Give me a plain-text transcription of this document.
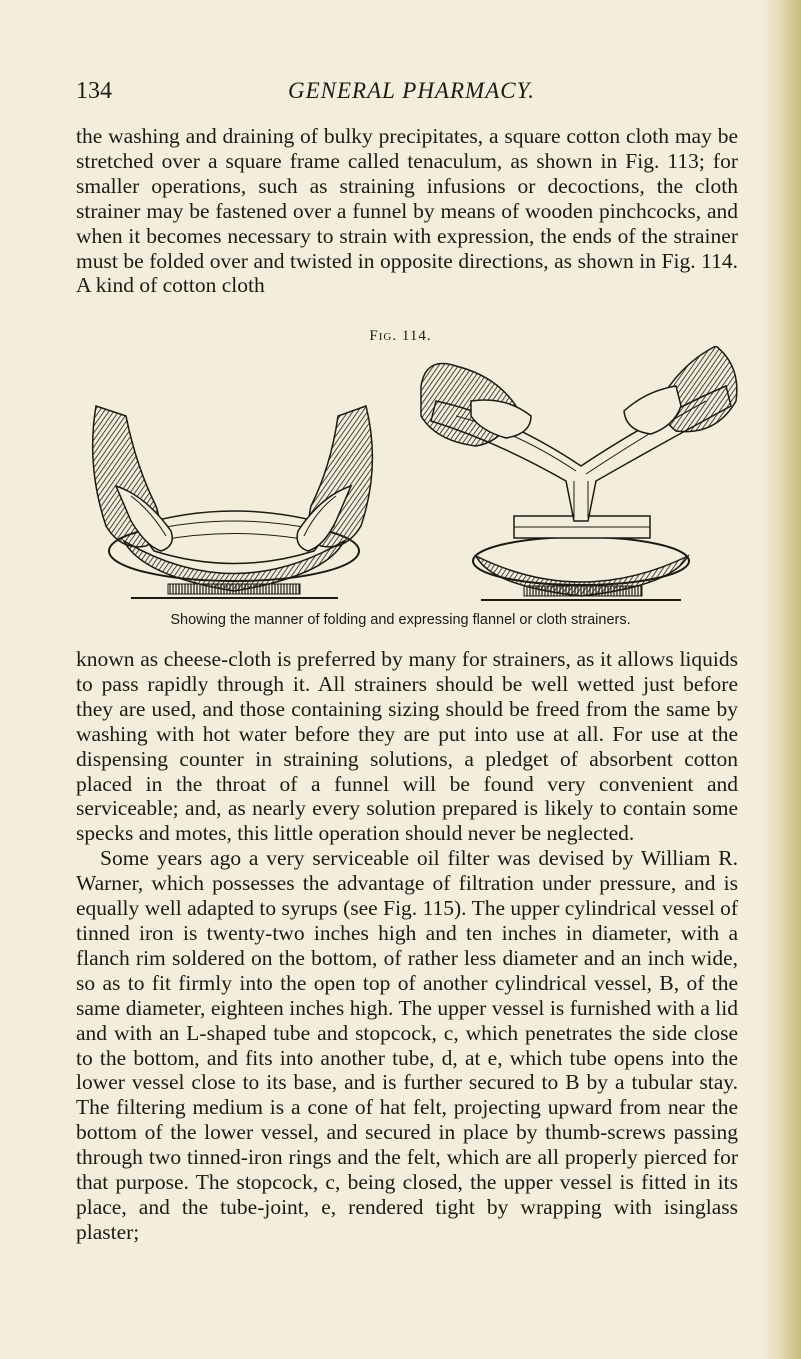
134	GENERAL PHARMACY.

the washing and draining of bulky precipitates, a square cotton cloth may be stretched over a square frame called tenaculum, as shown in Fig. 113; for smaller operations, such as straining infusions or decoctions, the cloth strainer may be fastened over a funnel by means of wooden pinchcocks, and when it becomes necessary to strain with expression, the ends of the strainer must be folded over and twisted in opposite directions, as shown in Fig. 114. A kind of cotton cloth

Fig. 114.
Showing the manner of folding and expressing flannel or cloth strainers.

known as cheese-cloth is preferred by many for strainers, as it allows liquids to pass rapidly through it. All strainers should be well wetted just before they are used, and those containing sizing should be freed from the same by washing with hot water before they are put into use at all. For use at the dispensing counter in straining solutions, a pledget of absorbent cotton placed in the throat of a funnel will be found very convenient and serviceable; and, as nearly every solution prepared is likely to contain some specks and motes, this little operation should never be neglected.

Some years ago a very serviceable oil filter was devised by William R. Warner, which possesses the advantage of filtration under pressure, and is equally well adapted to syrups (see Fig. 115). The upper cylindrical vessel of tinned iron is twenty-two inches high and ten inches in diameter, with a flanch rim soldered on the bottom, of rather less diameter and an inch wide, so as to fit firmly into the open top of another cylindrical vessel, B, of the same diameter, eighteen inches high. The upper vessel is furnished with a lid and with an L-shaped tube and stopcock, c, which penetrates the side close to the bottom, and fits into another tube, d, at e, which tube opens into the lower vessel close to its base, and is further secured to B by a tubular stay. The filtering medium is a cone of hat felt, projecting upward from near the bottom of the lower vessel, and secured in place by thumb-screws passing through two tinned-iron rings and the felt, which are all properly pierced for that purpose. The stopcock, c, being closed, the upper vessel is fitted in its place, and the tube-joint, e, rendered tight by wrapping with isinglass plaster;
